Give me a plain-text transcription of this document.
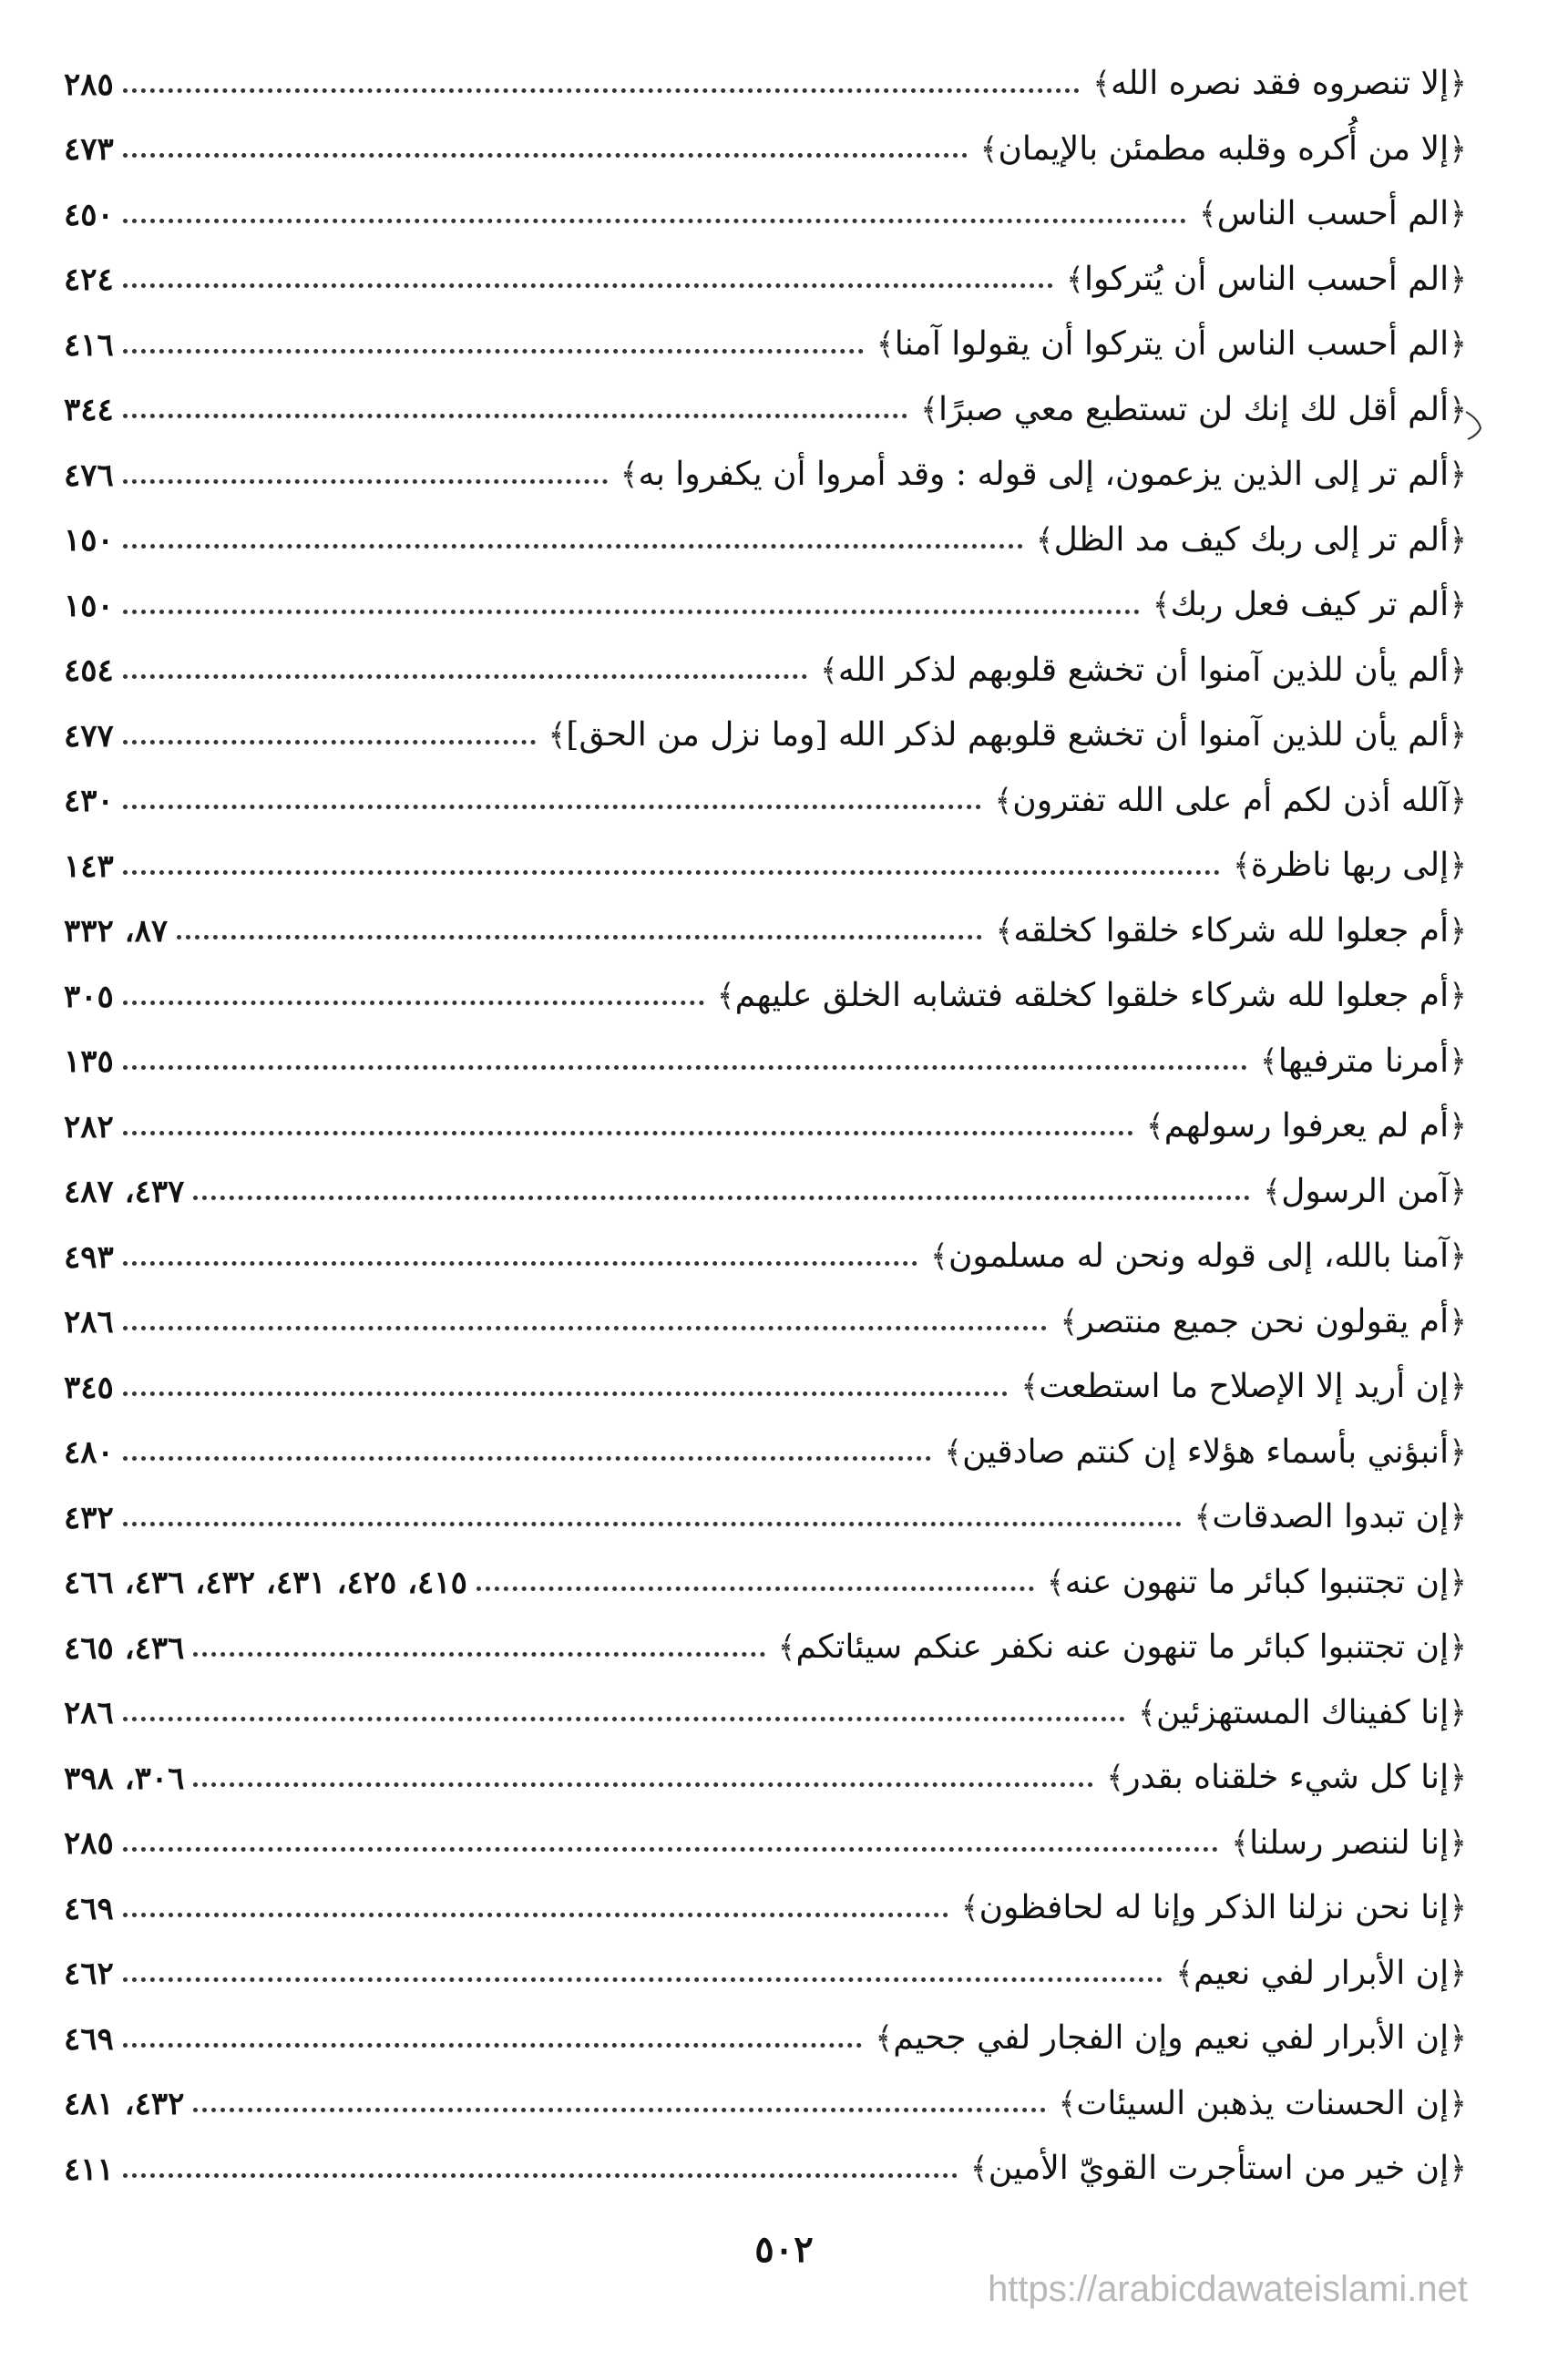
﴿إلا تنصروه فقد نصره الله﴾
٢٨٥
﴿إلا من أُكره وقلبه مطمئن بالإيمان﴾
٤٧٣
﴿الم أحسب الناس﴾
٤٥٠
﴿الم أحسب الناس أن يُتركوا﴾
٤٢٤
﴿الم أحسب الناس أن يتركوا أن يقولوا آمنا﴾
٤١٦
﴿ألم أقل لك إنك لن تستطيع معي صبرًا﴾
٣٤٤
﴿ألم تر إلى الذين يزعمون، إلى قوله : وقد أمروا أن يكفروا به﴾
٤٧٦
﴿ألم تر إلى ربك كيف مد الظل﴾
١٥٠
﴿ألم تر كيف فعل ربك﴾
١٥٠
﴿ألم يأن للذين آمنوا أن تخشع قلوبهم لذكر الله﴾
٤٥٤
﴿ألم يأن للذين آمنوا أن تخشع قلوبهم لذكر الله [وما نزل من الحق]﴾
٤٧٧
﴿آلله أذن لكم أم على الله تفترون﴾
٤٣٠
﴿إلى ربها ناظرة﴾
١٤٣
﴿أم جعلوا لله شركاء خلقوا كخلقه﴾
٨٧، ٣٣٢
﴿أم جعلوا لله شركاء خلقوا كخلقه فتشابه الخلق عليهم﴾
٣٠٥
﴿أمرنا مترفيها﴾
١٣٥
﴿أم لم يعرفوا رسولهم﴾
٢٨٢
﴿آمن الرسول﴾
٤٣٧، ٤٨٧
﴿آمنا بالله، إلى قوله ونحن له مسلمون﴾
٤٩٣
﴿أم يقولون نحن جميع منتصر﴾
٢٨٦
﴿إن أريد إلا الإصلاح ما استطعت﴾
٣٤٥
﴿أنبؤني بأسماء هؤلاء إن كنتم صادقين﴾
٤٨٠
﴿إن تبدوا الصدقات﴾
٤٣٢
﴿إن تجتنبوا كبائر ما تنهون عنه﴾
٤١٥، ٤٢٥، ٤٣١، ٤٣٢، ٤٣٦، ٤٦٦
﴿إن تجتنبوا كبائر ما تنهون عنه نكفر عنكم سيئاتكم﴾
٤٣٦، ٤٦٥
﴿إنا كفيناك المستهزئين﴾
٢٨٦
﴿إنا كل شيء خلقناه بقدر﴾
٣٠٦، ٣٩٨
﴿إنا لننصر رسلنا﴾
٢٨٥
﴿إنا نحن نزلنا الذكر وإنا له لحافظون﴾
٤٦٩
﴿إن الأبرار لفي نعيم﴾
٤٦٢
﴿إن الأبرار لفي نعيم وإن الفجار لفي جحيم﴾
٤٦٩
﴿إن الحسنات يذهبن السيئات﴾
٤٣٢، ٤٨١
﴿إن خير من استأجرت القويّ الأمين﴾
٤١١
٥٠٢
https://arabicdawateislami.net
